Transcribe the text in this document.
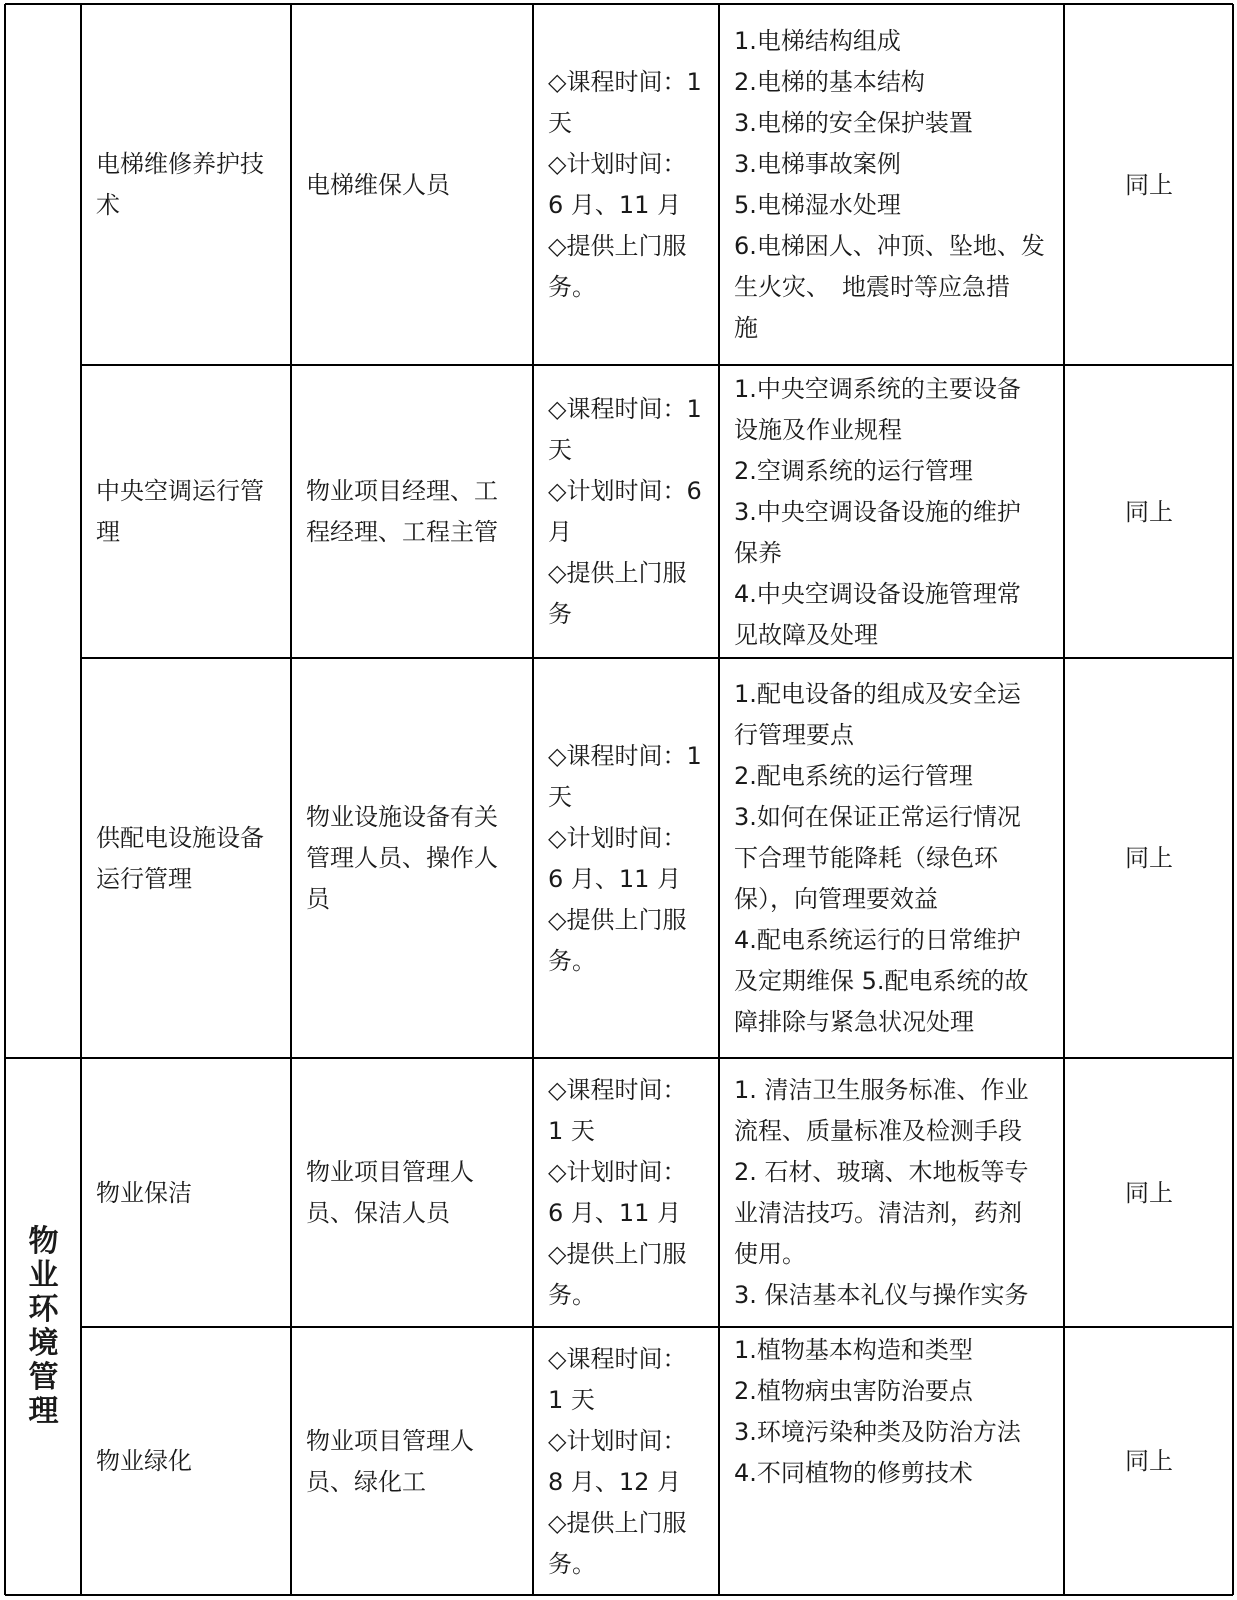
物
业
环
境
管
理
电梯维修养护技
术
电梯维保人员
◇课程时间：1
天
◇计划时间：
6 月、11 月
◇提供上门服
务。
1.电梯结构组成
2.电梯的基本结构
3.电梯的安全保护装置
3.电梯事故案例
5.电梯湿水处理
6.电梯困人、冲顶、坠地、发
生火灾、　地震时等应急措
施
同上
中央空调运行管
理
物业项目经理、工
程经理、工程主管
◇课程时间：1
天
◇计划时间：6
月
◇提供上门服
务
1.中央空调系统的主要设备
设施及作业规程
2.空调系统的运行管理
3.中央空调设备设施的维护
保养
4.中央空调设备设施管理常
见故障及处理
同上
供配电设施设备
运行管理
物业设施设备有关
管理人员、操作人
员
◇课程时间：1
天
◇计划时间：
6 月、11 月
◇提供上门服
务。
1.配电设备的组成及安全运
行管理要点
2.配电系统的运行管理
3.如何在保证正常运行情况
下合理节能降耗（绿色环
保），向管理要效益
4.配电系统运行的日常维护
及定期维保 5.配电系统的故
障排除与紧急状况处理
同上
物业保洁
物业项目管理人
员、保洁人员
◇课程时间：
1 天
◇计划时间：
6 月、11 月
◇提供上门服
务。
1. 清洁卫生服务标准、作业
流程、质量标准及检测手段
2. 石材、玻璃、木地板等专
业清洁技巧。清洁剂，药剂
使用。
3. 保洁基本礼仪与操作实务
同上
物业绿化
物业项目管理人
员、绿化工
◇课程时间：
1 天
◇计划时间：
8 月、12 月
◇提供上门服
务。
1.植物基本构造和类型
2.植物病虫害防治要点
3.环境污染种类及防治方法
4.不同植物的修剪技术	同上
